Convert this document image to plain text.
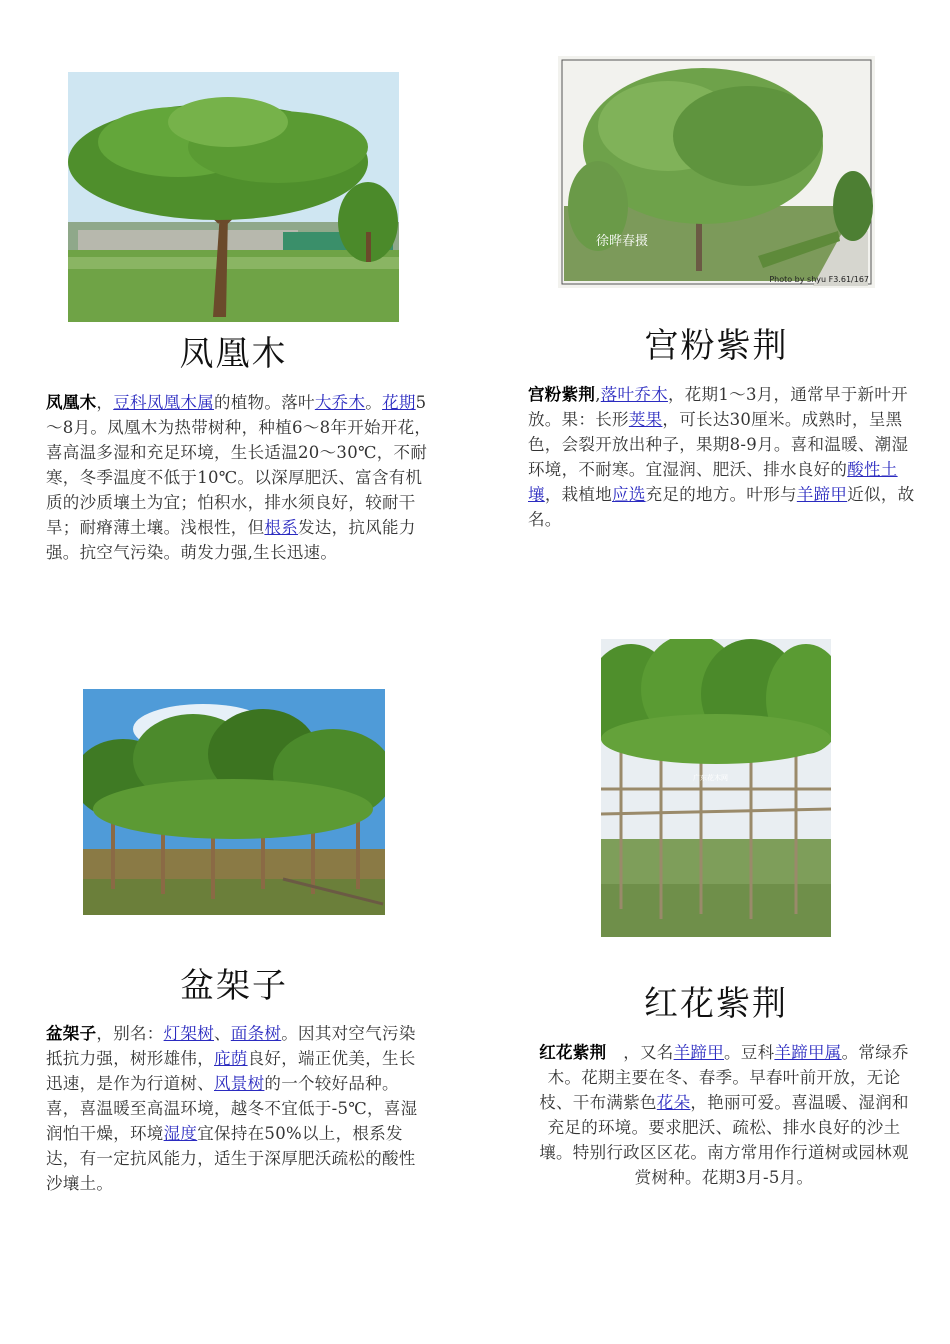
凤凰木
凤凰木，豆科凤凰木属的植物。落叶大乔木。花期5～8月。凤凰木为热带树种，种植6～8年开始开花， 喜高温多湿和充足环境，生长适温20～30℃，不耐寒，冬季温度不低于10℃。以深厚肥沃、富含有机质的沙质壤土为宜；怕积水，排水须良好，较耐干旱；耐瘠薄土壤。浅根性，但根系发达，抗风能力强。抗空气污染。萌发力强,生长迅速。
徐晔春摄
Photo by shyu F3.61/167
宫粉紫荆
宫粉紫荆,落叶乔木，花期1～3月，通常早于新叶开放。果：长形荚果，可长达30厘米。成熟时，呈黑色，会裂开放出种子，果期8-9月。喜和温暖、潮湿环境，不耐寒。宜湿润、肥沃、排水良好的酸性土壤，栽植地应选充足的地方。叶形与羊蹄甲近似，故名。
盆架子
盆架子，别名：灯架树、面条树。因其对空气污染抵抗力强，树形雄伟，庇荫良好，端正优美，生长迅速，是作为行道树、风景树的一个较好品种。喜，喜温暖至高温环境，越冬不宜低于-5℃，喜湿润怕干燥，环境湿度宜保持在50%以上，根系发达，有一定抗风能力，适生于深厚肥沃疏松的酸性沙壤土。
广东花木网
红花紫荆
红花紫荆　，又名羊蹄甲。豆科羊蹄甲属。常绿乔木。花期主要在冬、春季。早春叶前开放，无论枝、干布满紫色花朵，艳丽可爱。喜温暖、湿润和充足的环境。要求肥沃、疏松、排水良好的沙土壤。特别行政区区花。南方常用作行道树或园林观赏树种。花期3月-5月。
